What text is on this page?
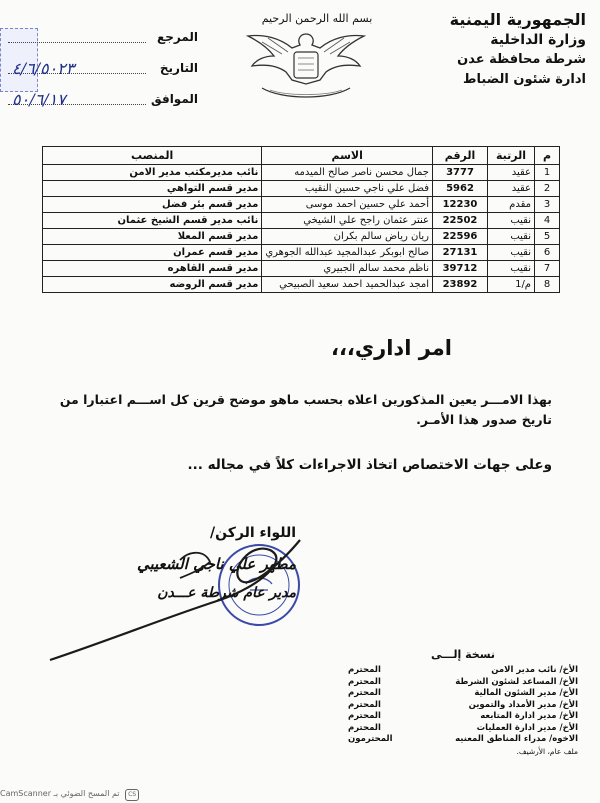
الجمهورية اليمنية
وزارة الداخلية
شرطة محافظة عدن
ادارة شئون الضباط
بسم الله الرحمن الرحيم
المرجع
التاريخ
٤/٦/٥٠٢٣
الموافق
٥٠/٦/١٧
م	الرتبة	الرقم	الاسم	المنصب
1	عقيد	3777	جمال محسن ناصر صالح الميدمه	نائب مديرمكتب مدير الامن
2	عقيد	5962	فضل علي ناجي حسين النقيب	مدير قسم التواهي
3	مقدم	12230	أحمد علي حسين احمد موسى	مدير قسم بئر فضل
4	نقيب	22502	عنتر عثمان راجح علي الشيخي	نائب مدير قسم الشيخ عثمان
5	نقيب	22596	ريان رياض سالم بكران	مدير قسم المعلا
6	نقيب	27131	صالح ابوبكر عبدالمجيد عبدالله الجوهري	مدير قسم عمران
7	نقيب	39712	ناظم محمد سالم الجبيري	مدير قسم القاهره
8	م/1	23892	امجد عبدالحميد احمد سعيد الصبيحي	مدير قسم الروضه
امر اداري،،،
بهذا الامـــر يعين المذكورين اعلاه بحسب ماهو موضح قرين كل اســـم اعتبارا من تاريخ صدور هذا الأمـر.
وعلى جهات الاختصاص اتخاذ الاجراءات كلاً في مجاله ...
اللواء الركن/
مطهر علي ناجي الشعيبي
مدير عام شرطة عـــدن
نسخة إلـــى
الأخ/ نائب مدير الامن
المحترم
الأخ/ المساعد لشئون الشرطة
المحترم
الأخ/ مدير الشئون المالية
المحترم
الأخ/ مدير الأمداد والتموين
المحترم
الأخ/ مدير ادارة المتابعه
المحترم
الأخ/ مدير ادارة العمليات
المحترم
الاخوه/ مدراء المناطق المعنيه
المحترمون
ملف عام، الأرشيف.
CS تم المسح الضوئي بـ CamScanner
